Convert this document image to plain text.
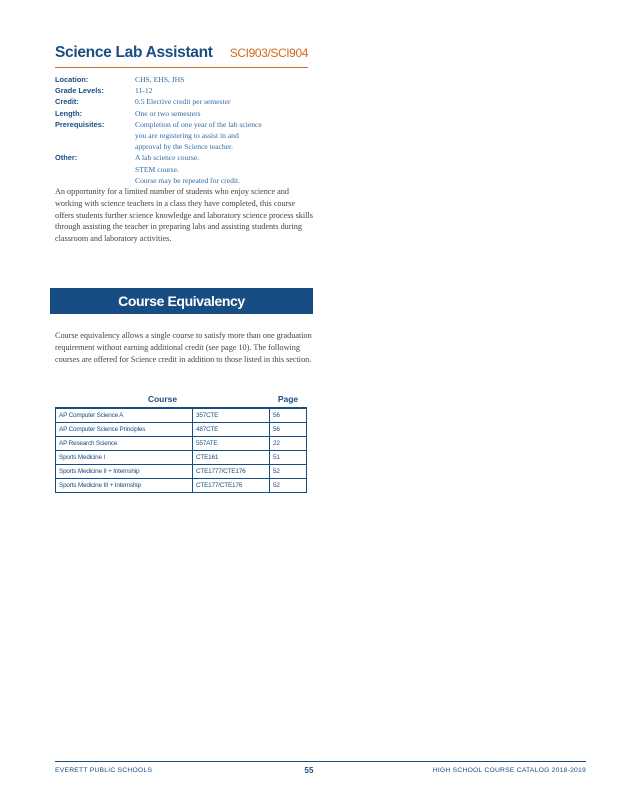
Science Lab Assistant SCI903/SCI904
Location:	CHS, EHS, JHS
Grade Levels:	11-12
Credit:	0.5 Elective credit per semester
Length:	One or two semesters
Prerequisites:	Completion of one year of the lab science
you are registering to assist in and
approval by the Science teacher.
Other:	A lab science course.
STEM course.
Course may be repeated for credit.
An opportunity for a limited number of students who enjoy science and working with science teachers in a class they have completed, this course offers students further science knowledge and laboratory science process skills through assisting the teacher in preparing labs and assisting students during classroom and laboratory activities.
Course Equivalency
Course equivalency allows a single course to satisfy more than one graduation requirement without earning additional credit (see page 10). The following courses are offered for Science credit in addition to those listed in this section.
Course		Page
AP Computer Science A	357CTE	56
AP Computer Science Principles	487CTE	56
AP Research Science	557ATE	22
Sports Medicine I	CTE161	51
Sports Medicine II + Internship	CTE1777/CTE176	52
Sports Medicine III + Internship	CTE177/CTE176	52
EVERETT PUBLIC SCHOOLS	55	HIGH SCHOOL COURSE CATALOG 2018-2019
